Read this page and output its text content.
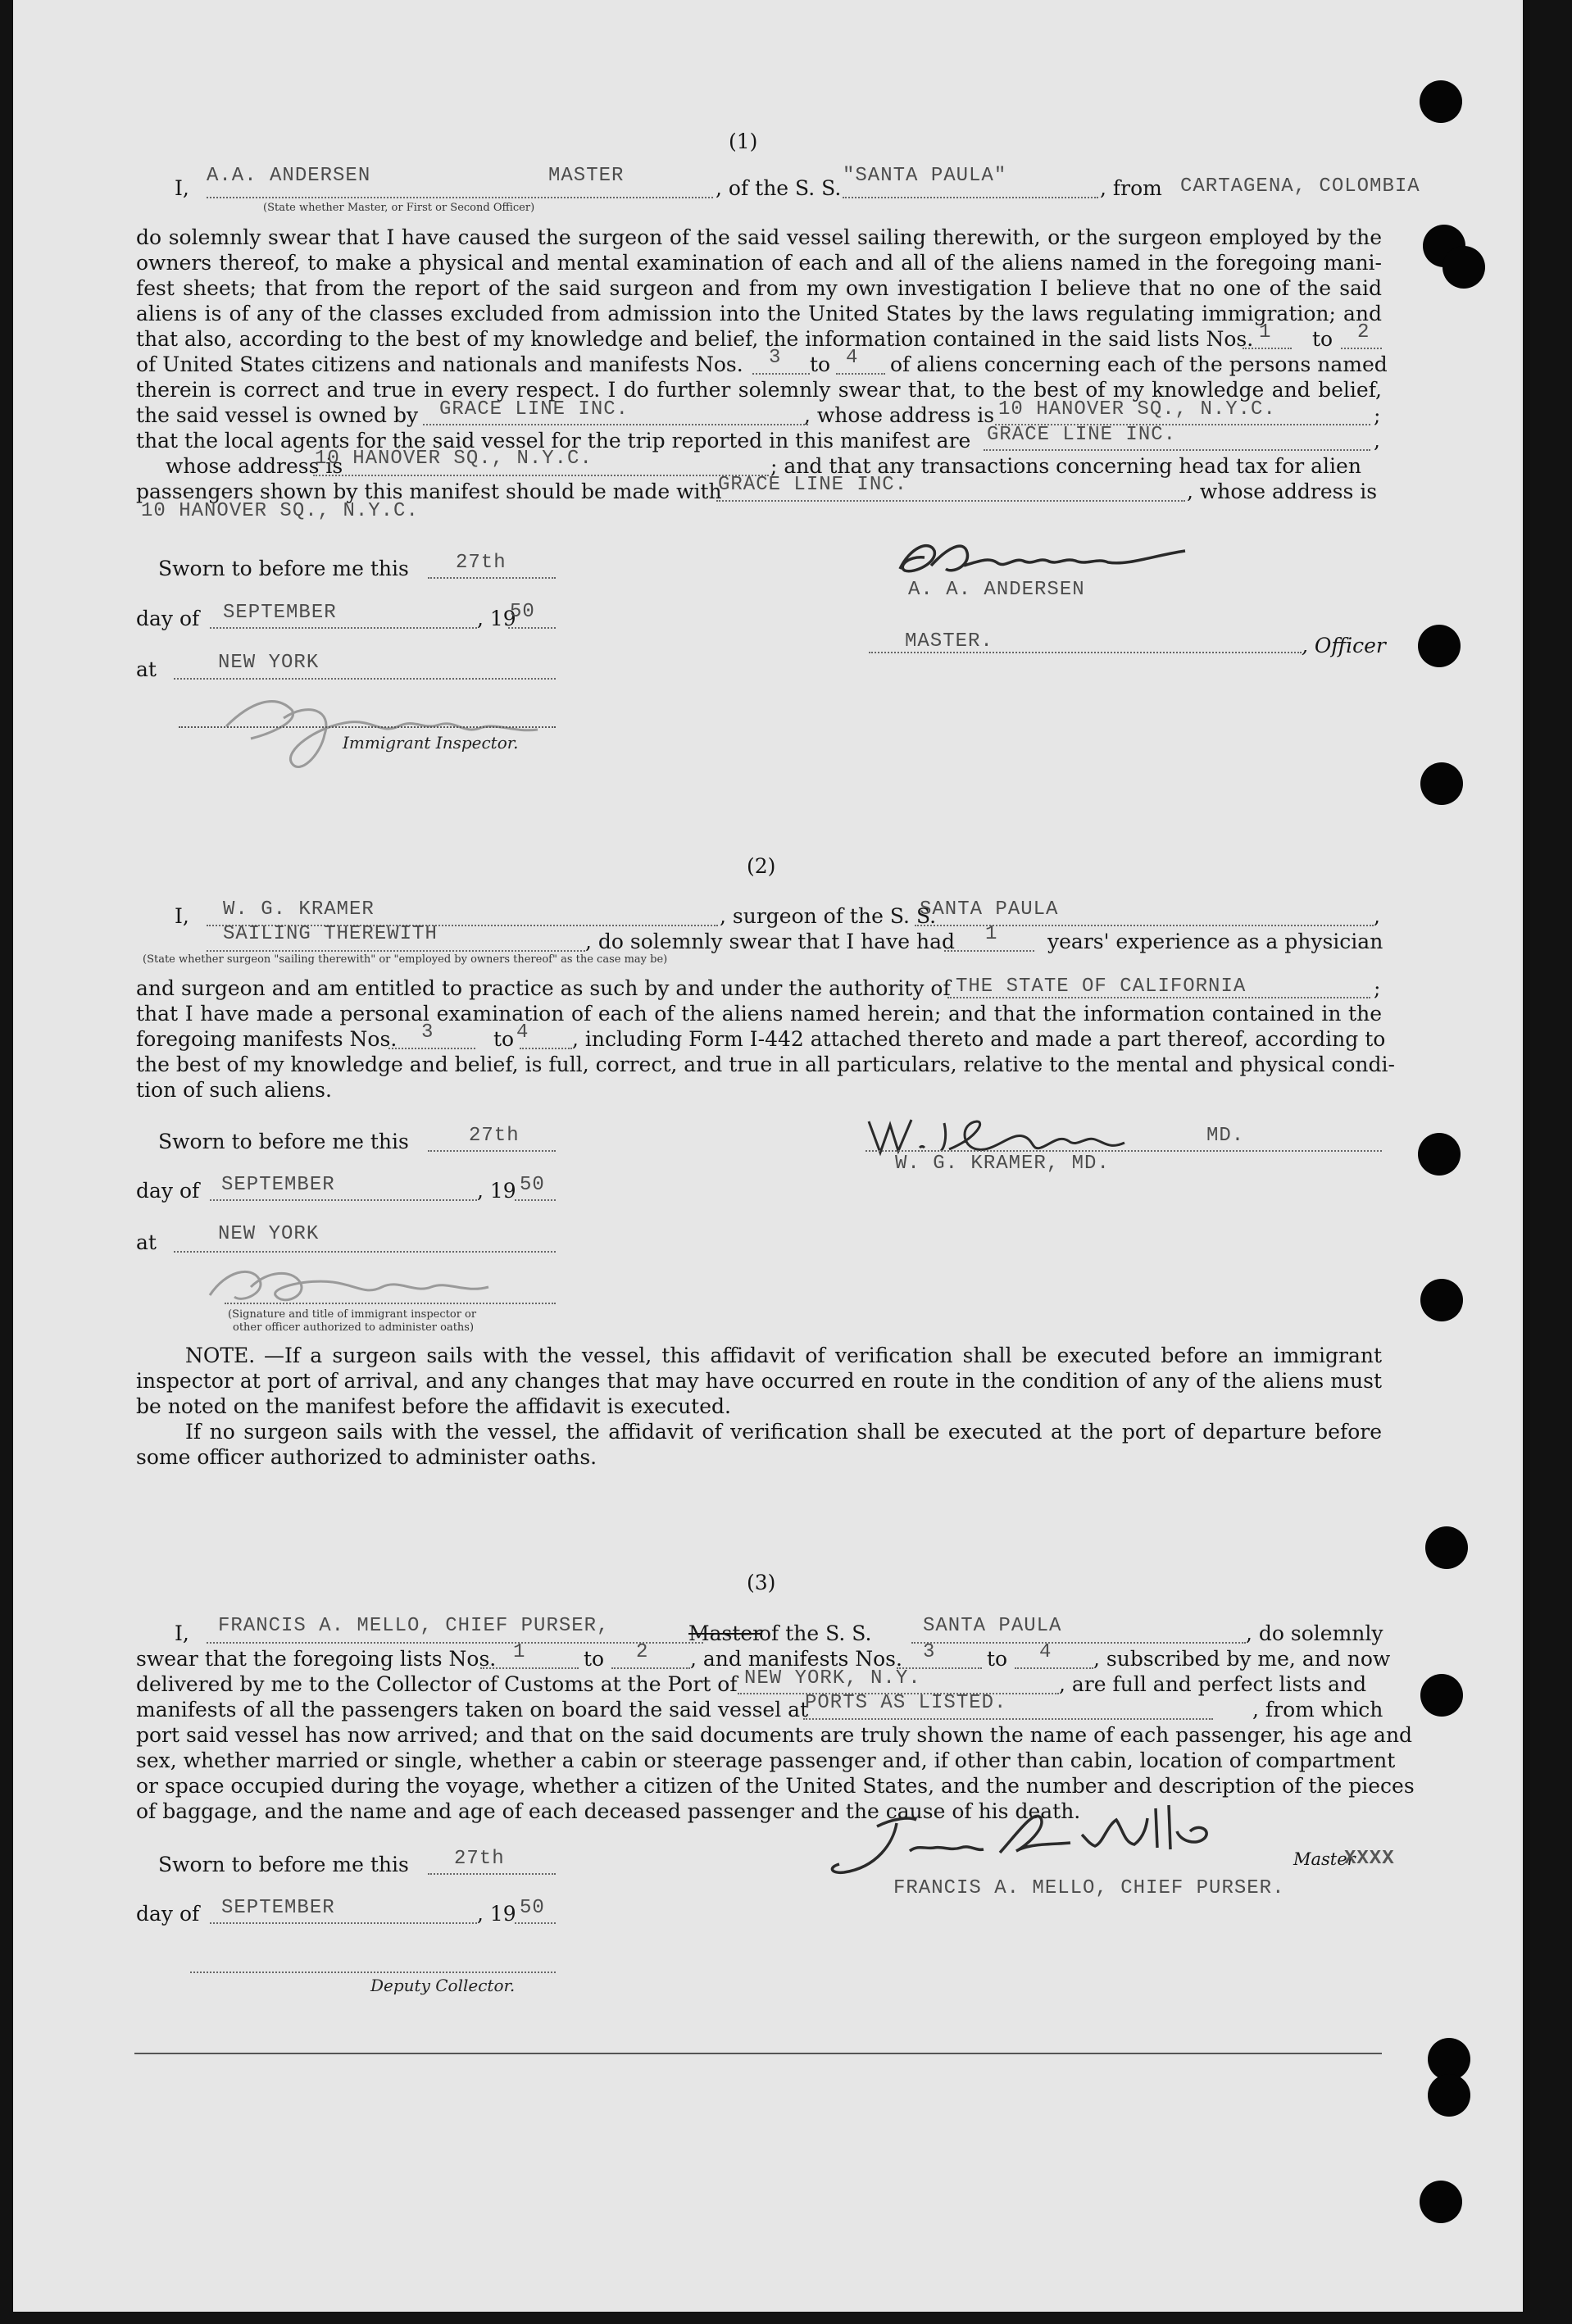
(1)
I,
A.A. ANDERSEN	MASTER
(State whether Master, or First or Second Officer)
, of the S. S.
"SANTA PAULA"
, from CARTAGENA, COLOMBIA
do solemnly swear that I have caused the surgeon of the said vessel sailing therewith, or the surgeon employed by the
owners thereof, to make a physical and mental examination of each and all of the aliens named in the foregoing mani-
fest sheets; that from the report of the said surgeon and from my own investigation I believe that no one of the said
aliens is of any of the classes excluded from admission into the United States by the laws regulating immigration; and
that also, according to the best of my knowledge and belief, the information contained in the said lists Nos. 1 to 2
of United States citizens and nationals and manifests Nos. 3 to 4 of aliens concerning each of the persons named
therein is correct and true in every respect. I do further solemnly swear that, to the best of my knowledge and belief,
the said vessel is owned by GRACE LINE INC.	, whose address is 10 HANOVER SQ., N.Y.C.	;
that the local agents for the said vessel for the trip reported in this manifest are GRACE LINE INC.	,
whose address is
10 HANOVER SQ., N.Y.C.	; and that any transactions concerning head tax for alien
passengers shown by this manifest should be made with
GRACE LINE INC.	, whose address is
10 HANOVER SQ., N.Y.C.
Sworn to before me this 27th
day of SEPTEMBER	, 19
50
at	NEW YORK
Immigrant Inspector.
A. A. ANDERSEN
MASTER.	, Officer
(2)
I, W. G. KRAMER	, surgeon of the S. S.
SANTA PAULA	,
SAILING THEREWITH	, do solemnly swear that I have had 1 years' experience as a physician
(State whether surgeon "sailing therewith" or "employed by owners thereof" as the case may be)
and surgeon and am entitled to practice as such by and under the authority of THE STATE OF CALIFORNIA	;
that I have made a personal examination of each of the aliens named herein; and that the information contained in the
foregoing manifests Nos. 3	to 4 , including Form I-442 attached thereto and made a part thereof, according to
the best of my knowledge and belief, is full, correct, and true in all particulars, relative to the mental and physical condi-
tion of such aliens.
Sworn to before me this	27th
day of SEPTEMBER	, 19 50
at	NEW YORK
(Signature and title of immigrant inspector or
other officer authorized to administer oaths)
MD.
W. G. KRAMER, MD.
NOTE. —If a surgeon sails with the vessel, this affidavit of verification shall be executed before an immigrant
inspector at port of arrival, and any changes that may have occurred en route in the condition of any of the aliens must
be noted on the manifest before the affidavit is executed.
If no surgeon sails with the vessel, the affidavit of verification shall be executed at the port of departure before
some officer authorized to administer oaths.
(3)
I, FRANCIS A. MELLO, CHIEF PURSER,	Master
of the S. S.	SANTA PAULA	, do solemnly
swear that the foregoing lists Nos. 1	to 2 , and manifests Nos. 3	to 4 , subscribed by me, and now
delivered by me to the Collector of Customs at the Port of NEW YORK, N.Y.	, are full and perfect lists and
manifests of all the passengers taken on board the said vessel at
PORTS AS LISTED.	, from which
port said vessel has now arrived; and that on the said documents are truly shown the name of each passenger, his age and
sex, whether married or single, whether a cabin or steerage passenger and, if other than cabin, location of compartment
or space occupied during the voyage, whether a citizen of the United States, and the number and description of the pieces
of baggage, and the name and age of each deceased passenger and the cause of his death.
Sworn to before me this 27th
day of SEPTEMBER	, 19 50
Deputy Collector.
Master
XXXX
FRANCIS A. MELLO, CHIEF PURSER.
